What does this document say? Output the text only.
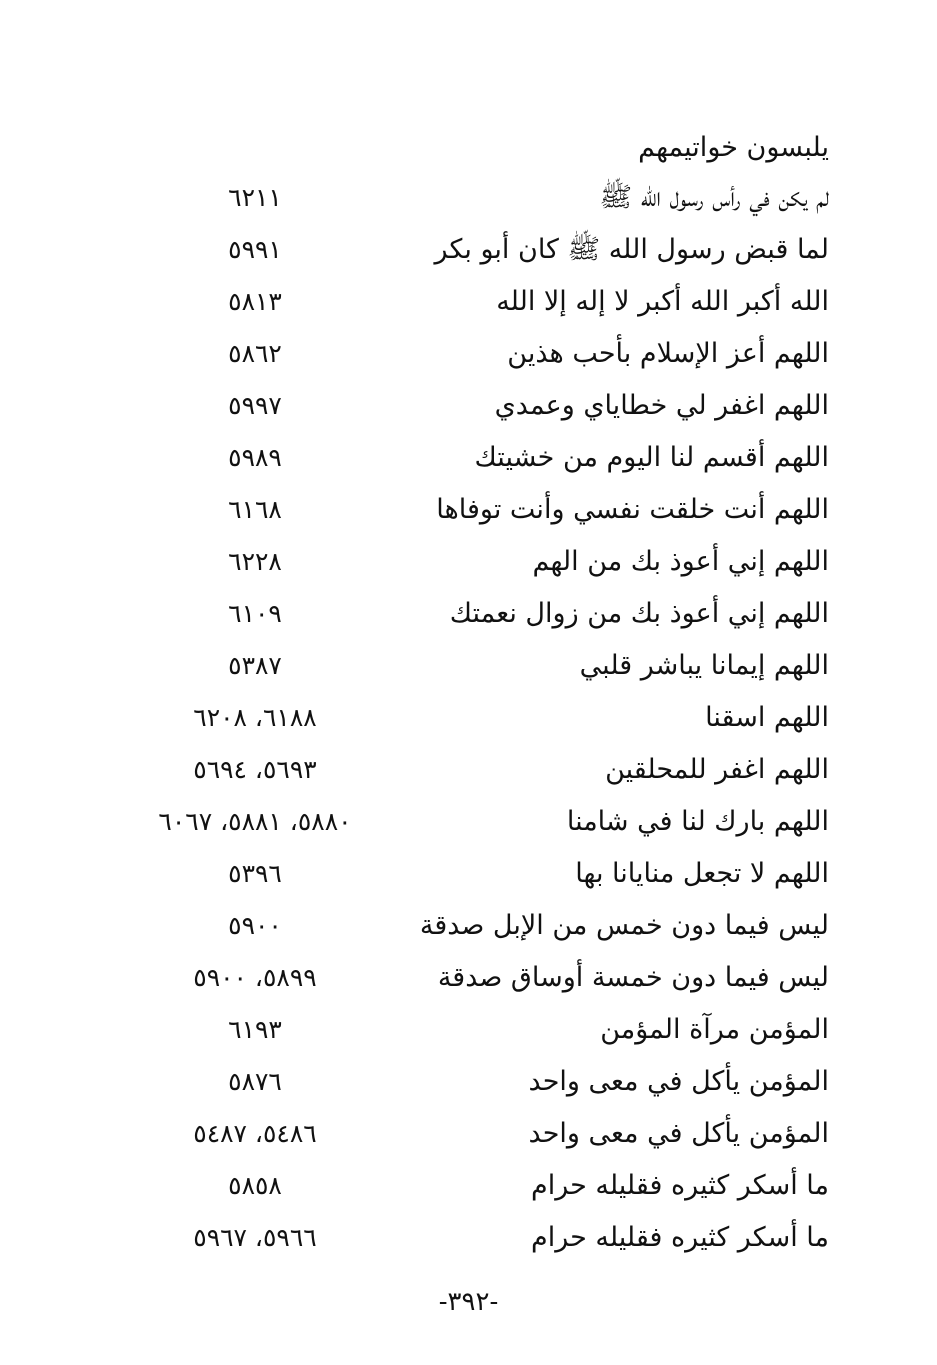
يلبسون خواتيمهم
لم يكن في رأس رسول الله ﷺ
٦٢١١
لما قبض رسول الله ﷺ كان أبو بكر
٥٩٩١
الله أكبر الله أكبر لا إله إلا الله
٥٨١٣
اللهم أعز الإسلام بأحب هذين
٥٨٦٢
اللهم اغفر لي خطاياي وعمدي
٥٩٩٧
اللهم أقسم لنا اليوم من خشيتك
٥٩٨٩
اللهم أنت خلقت نفسي وأنت توفاها
٦١٦٨
اللهم إني أعوذ بك من الهم
٦٢٢٨
اللهم إني أعوذ بك من زوال نعمتك
٦١٠٩
اللهم إيمانا يباشر قلبي
٥٣٨٧
اللهم اسقنا
٦١٨٨، ٦٢٠٨
اللهم اغفر للمحلقين
٥٦٩٣، ٥٦٩٤
اللهم بارك لنا في شامنا
٥٨٨٠، ٥٨٨١، ٦٠٦٧
اللهم لا تجعل منايانا بها
٥٣٩٦
ليس فيما دون خمس من الإبل صدقة
٥٩٠٠
ليس فيما دون خمسة أوساق صدقة
٥٨٩٩، ٥٩٠٠
المؤمن مرآة المؤمن
٦١٩٣
المؤمن يأكل في معى واحد
٥٨٧٦
المؤمن يأكل في معى واحد
٥٤٨٦، ٥٤٨٧
ما أسكر كثيره فقليله حرام
٥٨٥٨
ما أسكر كثيره فقليله حرام
٥٩٦٦، ٥٩٦٧
-٣٩٢-
